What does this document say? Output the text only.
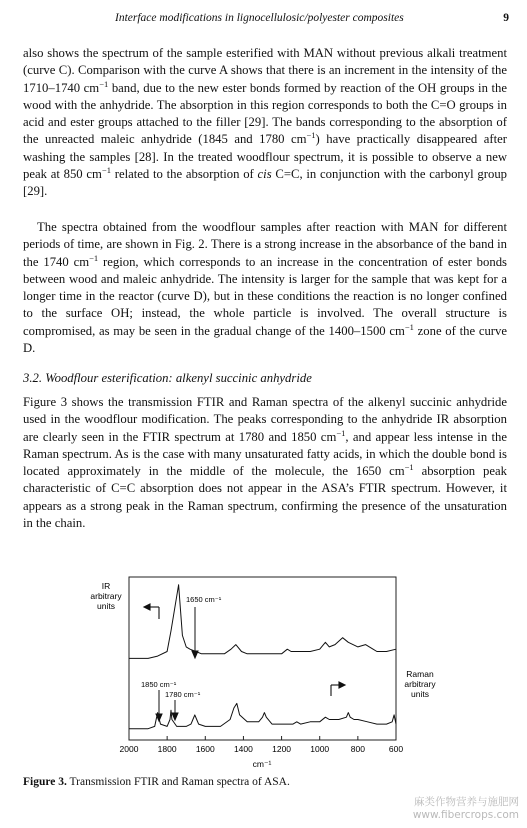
Interface modifications in lignocellulosic/polyester composites	9

also shows the spectrum of the sample esterified with MAN without previous alkali treatment (curve C). Comparison with the curve A shows that there is an increment in the intensity of the 1710–1740 $cm^{-1}$ band, due to the new ester bonds formed by reaction of the OH groups in the wood with the anhydride. The absorption in this region corresponds to both the C=O groups in acid and ester groups attached to the filler [29]. The bands corresponding to the absorption of the unreacted maleic anhydride (1845 and 1780 $cm^{-1}$) have practically disappeared after washing the samples [28]. In the treated woodflour spectrum, it is possible to observe a new peak at 850 $cm^{-1}$ related to the absorption of cis C=C, in conjunction with the carbonyl group [29].

The spectra obtained from the woodflour samples after reaction with MAN for different periods of time, are shown in Fig. 2. There is a strong increase in the absorbance of the band in the 1740 $cm^{-1}$ region, which corresponds to an increase in the concentration of ester bonds between wood and maleic anhydride. The intensity is larger for the sample that was kept for a longer time in the reactor (curve D), but in these conditions the reaction is no longer confined to the surface OH; instead, the whole particle is involved. The overall structure is compromised, as may be seen in the gradual change of the 1400–1500 $cm^{-1}$ zone of the curve D.

3.2. Woodflour esterification: alkenyl succinic anhydride

Figure 3 shows the transmission FTIR and Raman spectra of the alkenyl succinic anhydride used in the woodflour modification. The peaks corresponding to the anhydride IR absorption are clearly seen in the FTIR spectrum at 1780 and 1850 $cm^{-1}$, and appear less intense in the Raman spectrum. As is the case with many unsaturated fatty acids, in which the double bond is located approximately in the middle of the molecule, the 1650 $cm^{-1}$ absorption peak characteristic of C=C absorption does not appear in the ASA’s FTIR spectrum. However, it appears as a strong peak in the Raman spectrum, confirming the presence of the unsaturation in the chain.

2000 1800 1600 1400 1200 1000	800	600
IR
arbitrary
units
Raman
arbitrary
units
1650 cm⁻¹
1850 cm⁻¹
1780 cm⁻¹
cm⁻¹

Figure 3. Transmission FTIR and Raman spectra of ASA.

麻类作物营养与施肥网
www.fibercrops.com
